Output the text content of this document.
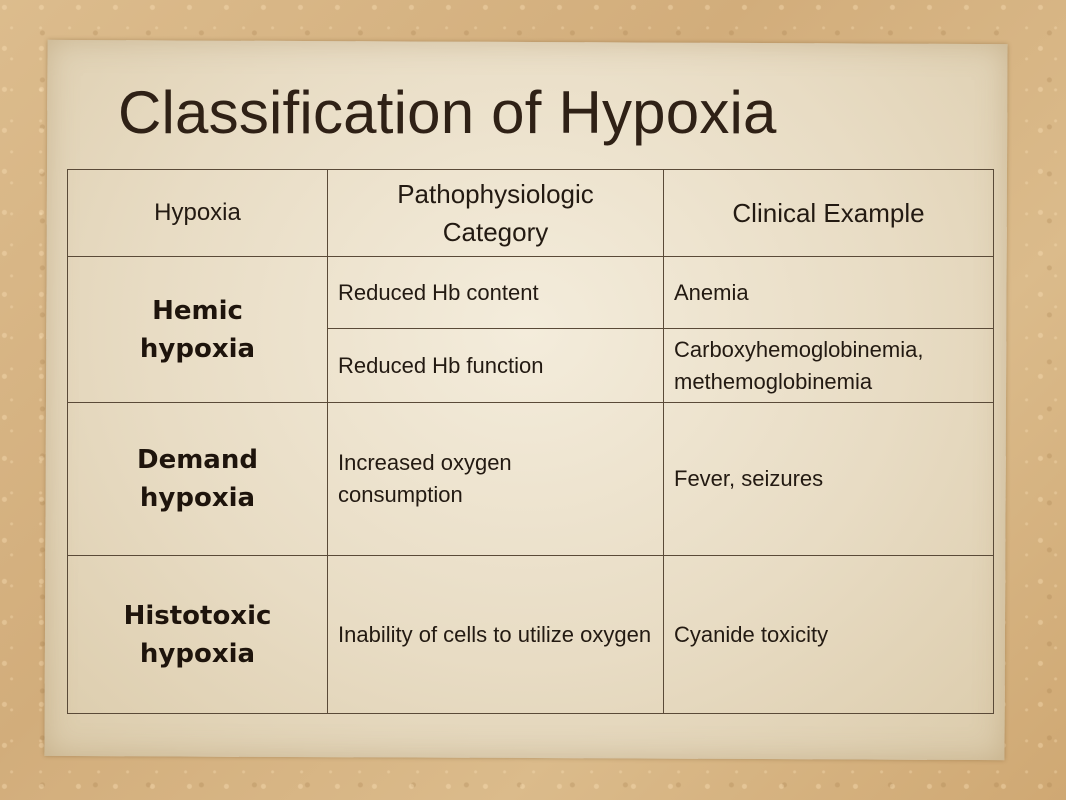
Classification of Hypoxia
Hypoxia	Pathophysiologic Category	Clinical Example
Hemic hypoxia	Reduced Hb content	Anemia
	Reduced Hb function	Carboxyhemoglobinemia, methemoglobinemia
Demand hypoxia	Increased oxygen consumption	Fever, seizures
Histotoxic hypoxia	Inability of cells to utilize oxygen	Cyanide toxicity
